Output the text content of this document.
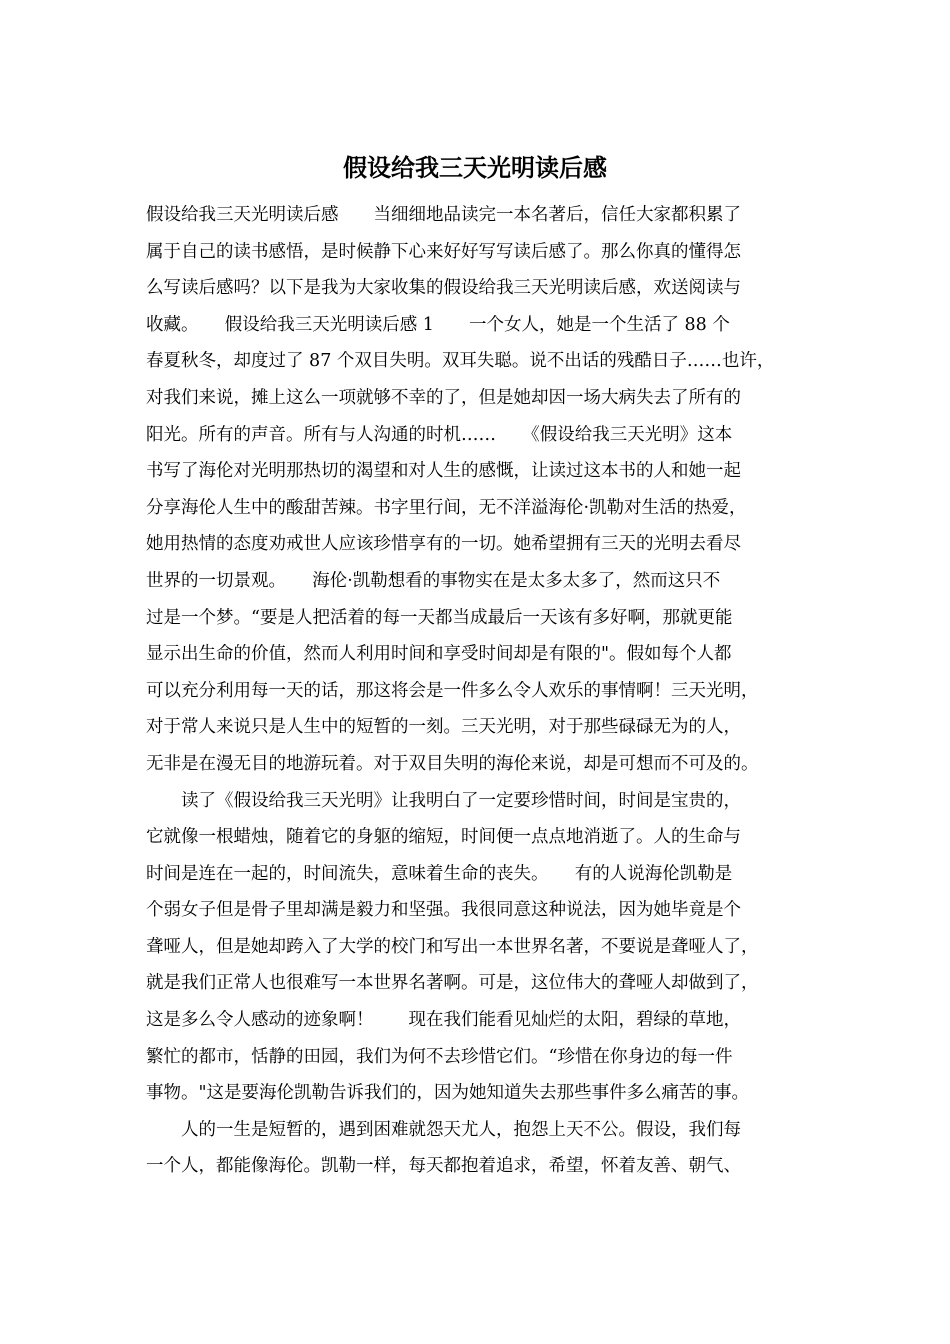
假设给我三天光明读后感
假设给我三天光明读后感　　当细细地品读完一本名著后，信任大家都积累了
属于自己的读书感悟，是时候静下心来好好写写读后感了。那么你真的懂得怎
么写读后感吗？以下是我为大家收集的假设给我三天光明读后感，欢送阅读与
收藏。　　假设给我三天光明读后感 1　　一个女人，她是一个生活了 88 个
春夏秋冬，却度过了 87 个双目失明。双耳失聪。说不出话的残酷日子……也许，
对我们来说，摊上这么一项就够不幸的了，但是她却因一场大病失去了所有的
阳光。所有的声音。所有与人沟通的时机……　　《假设给我三天光明》这本
书写了海伦对光明那热切的渴望和对人生的感慨，让读过这本书的人和她一起
分享海伦人生中的酸甜苦辣。书字里行间，无不洋溢海伦·凯勒对生活的热爱，
她用热情的态度劝戒世人应该珍惜享有的一切。她希望拥有三天的光明去看尽
世界的一切景观。　　海伦·凯勒想看的事物实在是太多太多了，然而这只不
过是一个梦。“要是人把活着的每一天都当成最后一天该有多好啊，那就更能
显示出生命的价值，然而人利用时间和享受时间却是有限的"。假如每个人都
可以充分利用每一天的话，那这将会是一件多么令人欢乐的事情啊！三天光明，
对于常人来说只是人生中的短暂的一刻。三天光明，对于那些碌碌无为的人，
无非是在漫无目的地游玩着。对于双目失明的海伦来说，却是可想而不可及的。
　　读了《假设给我三天光明》让我明白了一定要珍惜时间，时间是宝贵的，
它就像一根蜡烛，随着它的身躯的缩短，时间便一点点地消逝了。人的生命与
时间是连在一起的，时间流失，意味着生命的丧失。　　有的人说海伦凯勒是
个弱女子但是骨子里却满是毅力和坚强。我很同意这种说法，因为她毕竟是个
聋哑人，但是她却跨入了大学的校门和写出一本世界名著，不要说是聋哑人了，
就是我们正常人也很难写一本世界名著啊。可是，这位伟大的聋哑人却做到了，
这是多么令人感动的迹象啊！　　现在我们能看见灿烂的太阳，碧绿的草地，
繁忙的都市，恬静的田园，我们为何不去珍惜它们。“珍惜在你身边的每一件
事物。"这是要海伦凯勒告诉我们的，因为她知道失去那些事件多么痛苦的事。
　　人的一生是短暂的，遇到困难就怨天尤人，抱怨上天不公。假设，我们每
一个人，都能像海伦。凯勒一样，每天都抱着追求，希望，怀着友善、朝气、
